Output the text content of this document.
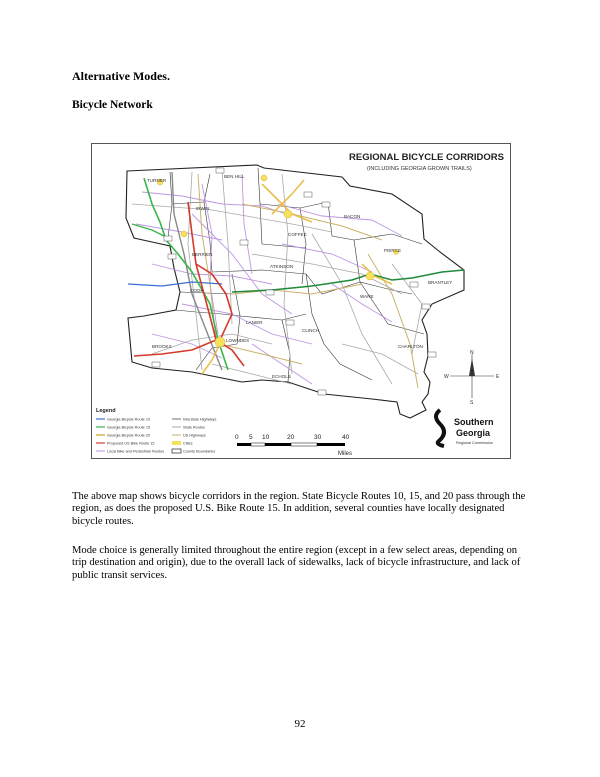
Alternative Modes.
Bicycle Network
REGIONAL BICYCLE CORRIDORS
(INCLUDING GEORGIA GROWN TRAILS)
TURNER
BEN HILL
IRWIN
COFFEE
BACON
PIERCE
BERRIEN
ATKINSON
WARE
BRANTLEY
COOK
LANIER
CLINCH
CHARLTON
BROOKS
LOWNDES
ECHOLS
N
S
W	E
Legend
Georgia Bicycle Route 10	Interstate Highways
Georgia Bicycle Route 15	State Routes
Georgia Bicycle Route 20	US Highways
Proposed US Bike Route 15	Cities
Local Bike and Pedestrian Routes	County Boundaries
0 5 10	20	30	40
Miles
Southern
Georgia
Regional Commission
The above map shows bicycle corridors in the region. State Bicycle Routes 10, 15, and 20 pass through the region, as does the proposed U.S. Bike Route 15. In addition, several counties have locally designated bicycle routes.
Mode choice is generally limited throughout the entire region (except in a few select areas, depending on trip destination and origin), due to the overall lack of sidewalks, lack of bicycle infrastructure, and lack of public transit services.
92
